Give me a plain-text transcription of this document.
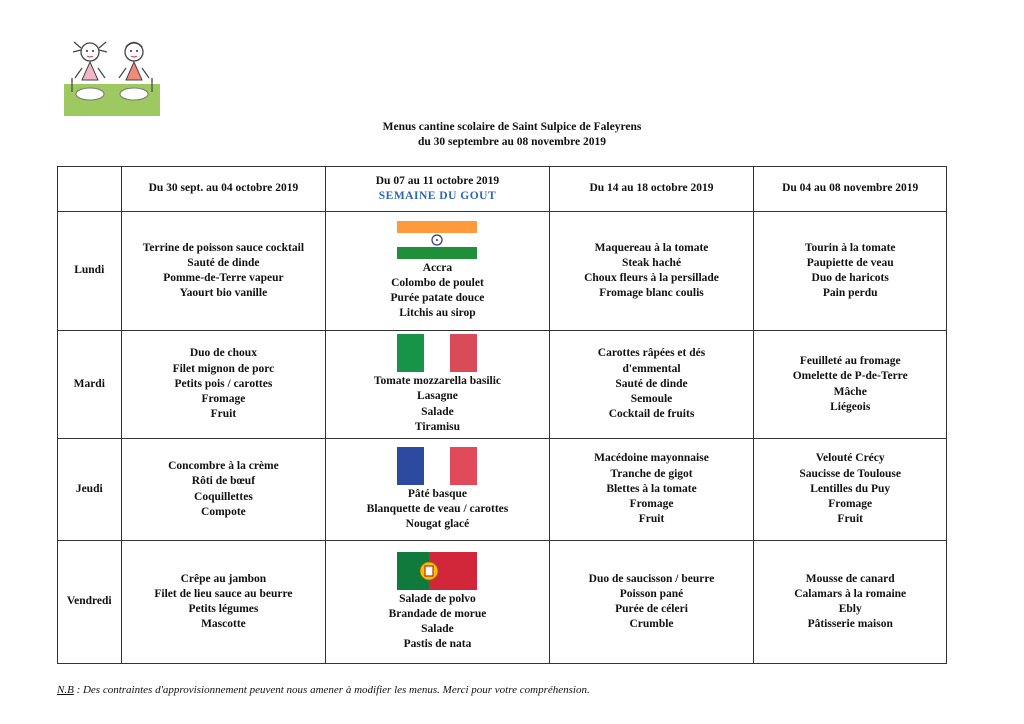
Menus cantine scolaire de Saint Sulpice de Faleyrens
du 30 septembre au 08 novembre 2019
	Du 30 sept. au 04 octobre 2019	Du 07 au 11 octobre 2019
SEMAINE DU GOUT	Du 14 au 18 octobre 2019	Du 04 au 08 novembre 2019
Lundi	Terrine de poisson sauce cocktail
Sauté de dinde
Pomme-de-Terre vapeur
Yaourt bio vanille	Accra
Colombo de poulet
Purée patate douce
Litchis au sirop	Maquereau à la tomate
Steak haché
Choux fleurs à la persillade
Fromage blanc coulis	Tourin à la tomate
Paupiette de veau
Duo de haricots
Pain perdu

Mardi	Duo de choux
Filet mignon de porc
Petits pois / carottes
Fromage
Fruit	Tomate mozzarella basilic
Lasagne
Salade
Tiramisu	Carottes râpées et dés
d'emmental
Sauté de dinde
Semoule
Cocktail de fruits	Feuilleté au fromage
Omelette de P-de-Terre
Mâche
Liégeois

Jeudi	Concombre à la crème
Rôti de bœuf
Coquillettes
Compote	Pâté basque
Blanquette de veau / carottes
Nougat glacé	Macédoine mayonnaise
Tranche de gigot
Blettes à la tomate
Fromage
Fruit	Velouté Crécy
Saucisse de Toulouse
Lentilles du Puy
Fromage
Fruit

Vendredi	Crêpe au jambon
Filet de lieu sauce au beurre
Petits légumes
Mascotte	Salade de polvo
Brandade de morue
Salade
Pastis de nata	Duo de saucisson / beurre
Poisson pané
Purée de céleri
Crumble	Mousse de canard
Calamars à la romaine
Ebly
Pâtisserie maison
N.B : Des contraintes d'approvisionnement peuvent nous amener à modifier les menus. Merci pour votre compréhension.
